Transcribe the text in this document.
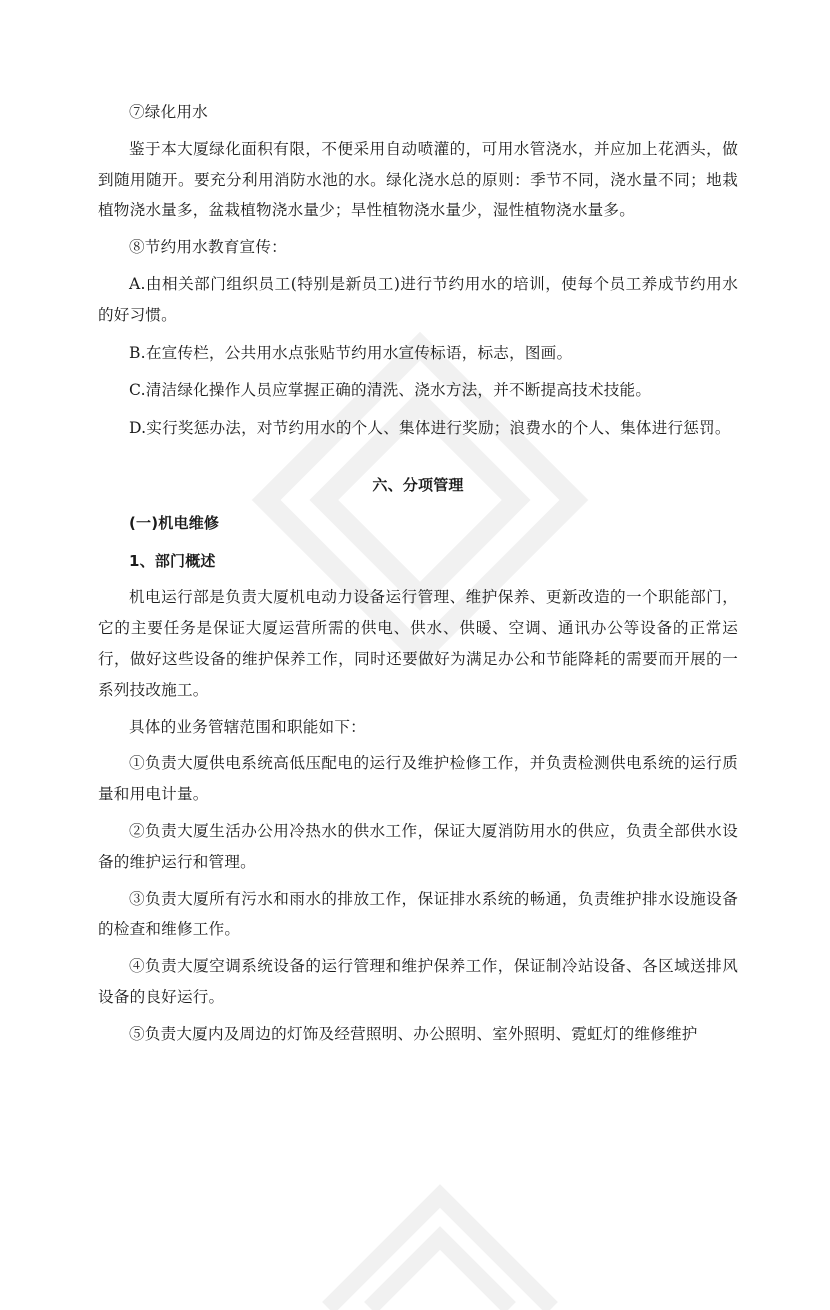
⑦绿化用水

鉴于本大厦绿化面积有限，不便采用自动喷灌的，可用水管浇水，并应加上花洒头，做到随用随开。要充分利用消防水池的水。绿化浇水总的原则：季节不同，浇水量不同；地栽植物浇水量多，盆栽植物浇水量少；旱性植物浇水量少，湿性植物浇水量多。

⑧节约用水教育宣传：

A.由相关部门组织员工(特别是新员工)进行节约用水的培训，使每个员工养成节约用水的好习惯。

B.在宣传栏，公共用水点张贴节约用水宣传标语，标志，图画。

C.清洁绿化操作人员应掌握正确的清洗、浇水方法，并不断提高技术技能。

D.实行奖惩办法，对节约用水的个人、集体进行奖励；浪费水的个人、集体进行惩罚。

六、分项管理

(一)机电维修

1、部门概述

机电运行部是负责大厦机电动力设备运行管理、维护保养、更新改造的一个职能部门，它的主要任务是保证大厦运营所需的供电、供水、供暖、空调、通讯办公等设备的正常运行，做好这些设备的维护保养工作，同时还要做好为满足办公和节能降耗的需要而开展的一系列技改施工。

具体的业务管辖范围和职能如下：

①负责大厦供电系统高低压配电的运行及维护检修工作，并负责检测供电系统的运行质量和用电计量。

②负责大厦生活办公用冷热水的供水工作，保证大厦消防用水的供应，负责全部供水设备的维护运行和管理。

③负责大厦所有污水和雨水的排放工作，保证排水系统的畅通，负责维护排水设施设备的检查和维修工作。

④负责大厦空调系统设备的运行管理和维护保养工作，保证制冷站设备、各区域送排风设备的良好运行。

⑤负责大厦内及周边的灯饰及经营照明、办公照明、室外照明、霓虹灯的维修维护
